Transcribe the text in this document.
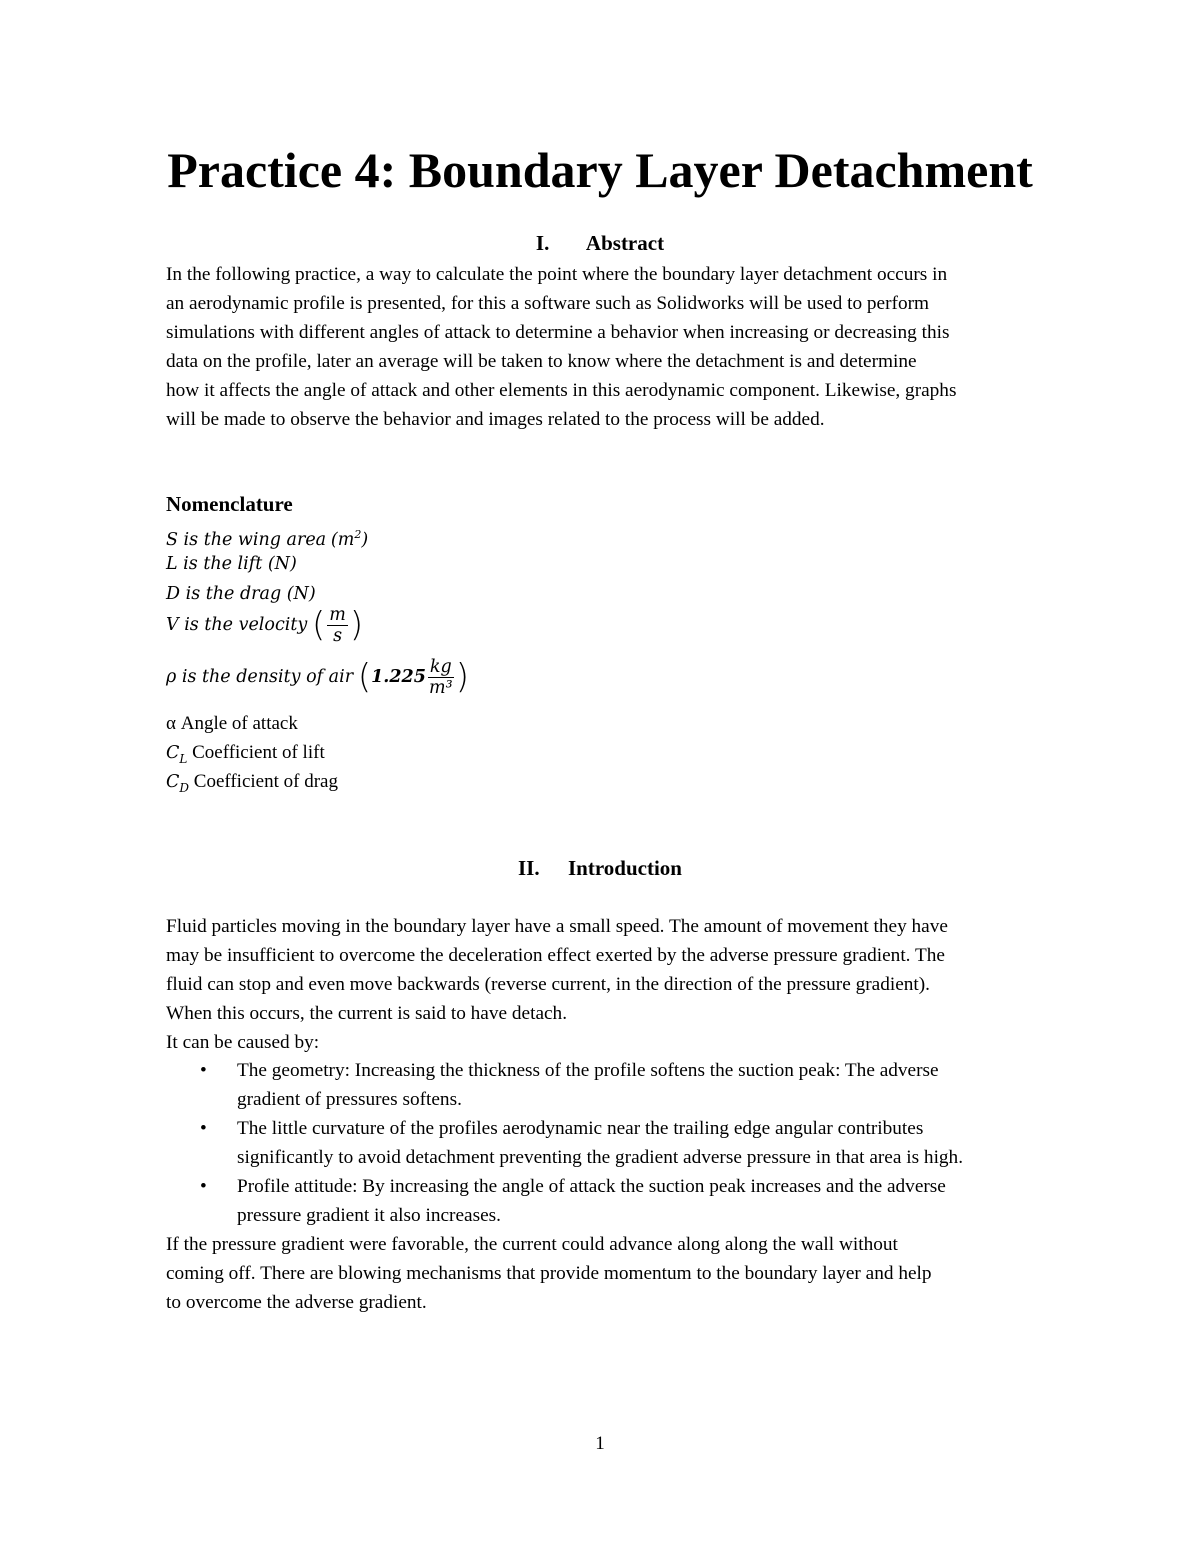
Practice 4: Boundary Layer Detachment
I. Abstract
In the following practice, a way to calculate the point where the boundary layer detachment occurs in
an aerodynamic profile is presented, for this a software such as Solidworks will be used to perform
simulations with different angles of attack to determine a behavior when increasing or decreasing this
data on the profile, later an average will be taken to know where the detachment is and determine
how it affects the angle of attack and other elements in this aerodynamic component. Likewise, graphs
will be made to observe the behavior and images related to the process will be added.
Nomenclature
S is the wing area $(m^2)$
L is the lift (N)
D is the drag (N)
V is the velocity ( $\frac{m}{s}$ )
ρ is the density of air ($1.225 \frac{kg}{\text{m³}}$ )
α Angle of attack
$C_L$ Coefficient of lift
$C_D$ Coefficient of drag
II. Introduction
Fluid particles moving in the boundary layer have a small speed. The amount of movement they have
may be insufficient to overcome the deceleration effect exerted by the adverse pressure gradient. The
fluid can stop and even move backwards (reverse current, in the direction of the pressure gradient).
When this occurs, the current is said to have detach.
It can be caused by:
• The geometry: Increasing the thickness of the profile softens the suction peak: The adverse
gradient of pressures softens.
• The little curvature of the profiles aerodynamic near the trailing edge angular contributes
significantly to avoid detachment preventing the gradient adverse pressure in that area is high.
• Profile attitude: By increasing the angle of attack the suction peak increases and the adverse
pressure gradient it also increases.
If the pressure gradient were favorable, the current could advance along along the wall without
coming off. There are blowing mechanisms that provide momentum to the boundary layer and help
to overcome the adverse gradient.
1
